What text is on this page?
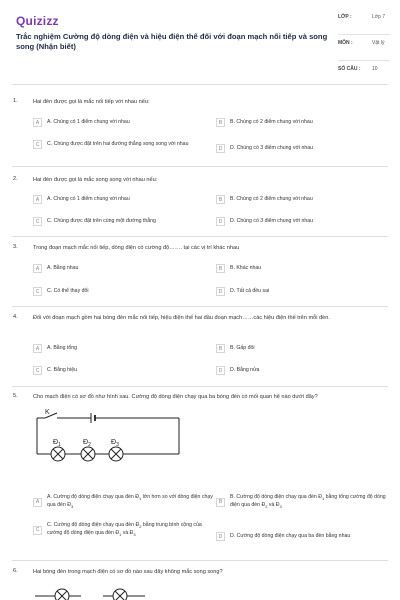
Quizizz
Trắc nghiệm Cường độ dòng điện và hiệu điện thế đối với đoạn mạch nối tiếp và song song (Nhận biết)
LỚP :	Lớp 7
MÔN :	Vật lý
SỐ CÂU : 10
1.	Hai đèn được gọi là mắc nối tiếp với nhau nếu:
A	A. Chúng có 1 điểm chung với nhau	B	B. Chúng có 2 điểm chung với nhau
C	C. Chúng được đặt trên hai đường thẳng song song với nhau
D	D. Chúng có 3 điểm chung với nhau
2.	Hai đèn được gọi là mắc song song với nhau nếu:
A	A. Chúng có 1 điểm chung với nhau	B	B. Chúng có 2 điểm chung với nhau
C	C. Chúng được đặt trên cùng một đường thẳng	D	D. Chúng có 3 điểm chung với nhau
3.	Trong đoạn mạch mắc nối tiếp, dòng điện có cường độ……. tại các vị trí khác nhau
A	A. Bằng nhau	B	B. Khác nhau
C	C. Có thể thay đổi	D	D. Tất cả đều sai
4.	Đối với đoạn mạch gồm hai bóng đèn mắc nối tiếp, hiệu điện thế hai đầu đoạn mạch……các hiệu điện thế trên mỗi đèn.
A	A. Bằng tổng	B	B. Gấp đôi
C	C. Bằng hiệu	D	D. Bằng nửa
5.	Cho mạch điện có sơ đồ như hình sau. Cường độ dòng điện chạy qua ba bóng đèn có mối quan hệ nào dưới đây?
K
$Đ_1$	$Đ_2$	$Đ_3$
A
A. Cường độ dòng điện chạy qua đèn $Đ_1$ lớn hơn so với dòng điện chạy qua đèn $Đ_3$
B
B. Cường độ dòng điện chạy qua đèn $Đ_1$ bằng tổng cường độ dòng điện qua đèn $Đ_2$ và $Đ_3$
C
C. Cường độ dòng điện chạy qua đèn $Đ_2$ bằng trung bình cộng của cường độ dòng điện qua đèn $Đ_1$ và $Đ_3$	D	D. Cường độ dòng điện chạy qua ba đèn bằng nhau
6.	Hai bóng đèn trong mạch điện có sơ đồ nào sau đây không mắc song song?
